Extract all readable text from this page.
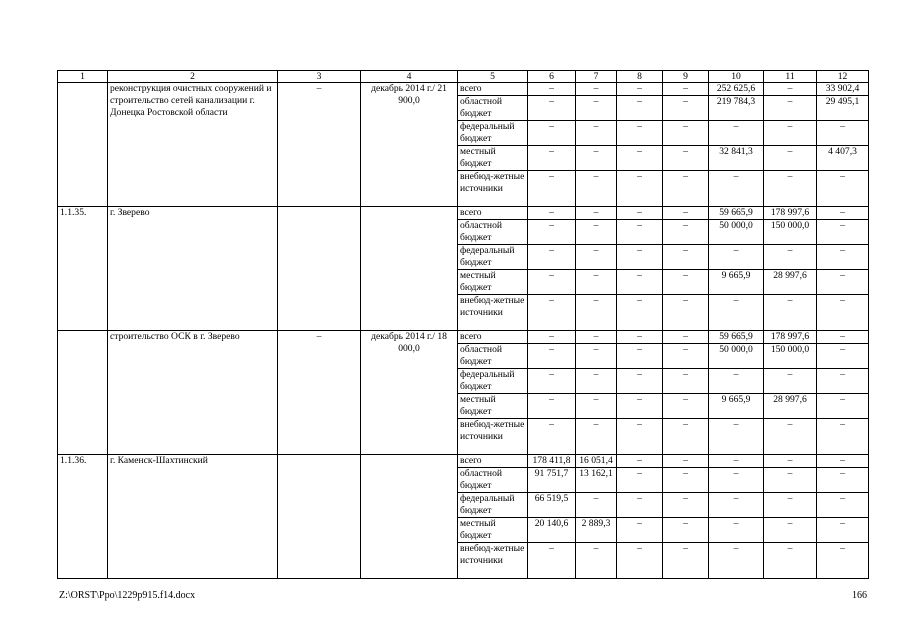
1	2	3	4	5	6	7	8	9	10	11	12
	реконструкция очистных сооружений и строительство сетей канализации г. Донецка Ростовской области	–	декабрь 2014 г./ 21 900,0	всего	–	–	–	–	252 625,6	–	33 902,4
				областной бюджет	–	–	–	–	219 784,3	–	29 495,1
				федеральный бюджет	–	–	–	–	–	–	–
				местный бюджет	–	–	–	–	32 841,3	–	4 407,3
				внебюд-жетные источники	–	–	–	–	–	–	–
1.1.35.	г. Зверево			всего	–	–	–	–	59 665,9	178 997,6	–
				областной бюджет	–	–	–	–	50 000,0	150 000,0	–
				федеральный бюджет	–	–	–	–	–	–	–
				местный бюджет	–	–	–	–	9 665,9	28 997,6	–
				внебюд-жетные источники	–	–	–	–	–	–	–
	строительство ОСК в г. Зверево	–	декабрь 2014 г./ 18 000,0	всего	–	–	–	–	59 665,9	178 997,6	–
				областной бюджет	–	–	–	–	50 000,0	150 000,0	–
				федеральный бюджет	–	–	–	–	–	–	–
				местный бюджет	–	–	–	–	9 665,9	28 997,6	–
				внебюд-жетные источники	–	–	–	–	–	–	–
1.1.36.	г. Каменск-Шахтинский			всего	178 411,8	16 051,4	–	–	–	–	–
				областной бюджет	91 751,7	13 162,1	–	–	–	–	–
				федеральный бюджет	66 519,5	–	–	–	–	–	–
				местный бюджет	20 140,6	2 889,3	–	–	–	–	–
				внебюд-жетные источники	–	–	–	–	–	–	–
Z:\ORST\Ppo\1229p915.f14.docx	166
